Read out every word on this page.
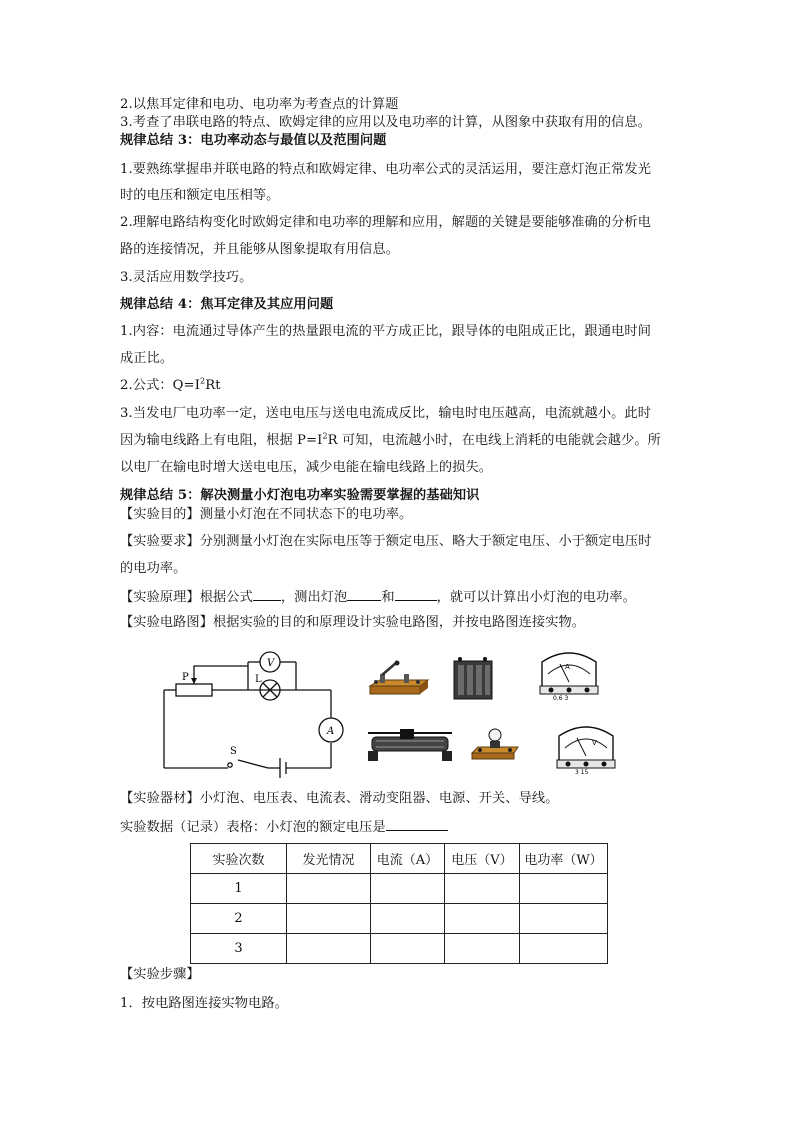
2.以焦耳定律和电功、电功率为考查点的计算题
3.考查了串联电路的特点、欧姆定律的应用以及电功率的计算，从图象中获取有用的信息。
规律总结 3：电功率动态与最值以及范围问题
1.要熟练掌握串并联电路的特点和欧姆定律、电功率公式的灵活运用，要注意灯泡正常发光
时的电压和额定电压相等。
2.理解电路结构变化时欧姆定律和电功率的理解和应用，解题的关键是要能够准确的分析电
路的连接情况，并且能够从图象提取有用信息。
3.灵活应用数学技巧。
规律总结 4：焦耳定律及其应用问题
1.内容：电流通过导体产生的热量跟电流的平方成正比，跟导体的电阻成正比，跟通电时间
成正比。
2.公式：$Q=I^2Rt$
3.当发电厂电功率一定，送电电压与送电电流成反比，输电时电压越高，电流就越小。此时
因为输电线路上有电阻，根据 $P=I^2R$ 可知，电流越小时，在电线上消耗的电能就会越少。所
以电厂在输电时增大送电电压，减少电能在输电线路上的损失。
规律总结 5：解决测量小灯泡电功率实验需要掌握的基础知识
【实验目的】测量小灯泡在不同状态下的电功率。
【实验要求】分别测量小灯泡在实际电压等于额定电压、略大于额定电压、小于额定电压时
的电功率。
【实验原理】根据公式 ，测出灯泡	和	，就可以计算出小灯泡的电功率。
【实验电路图】根据实验的目的和原理设计实验电路图，并按电路图连接实物。
P	L
V
A
S
A
0.6 3
V
3 15
【实验器材】小灯泡、电压表、电流表、滑动变阻器、电源、开关、导线。
实验数据（记录）表格：小灯泡的额定电压是
实验次数	发光情况	电流（A）	电压（V）	电功率（W）
1				
2				
3				
【实验步骤】
1．按电路图连接实物电路。
